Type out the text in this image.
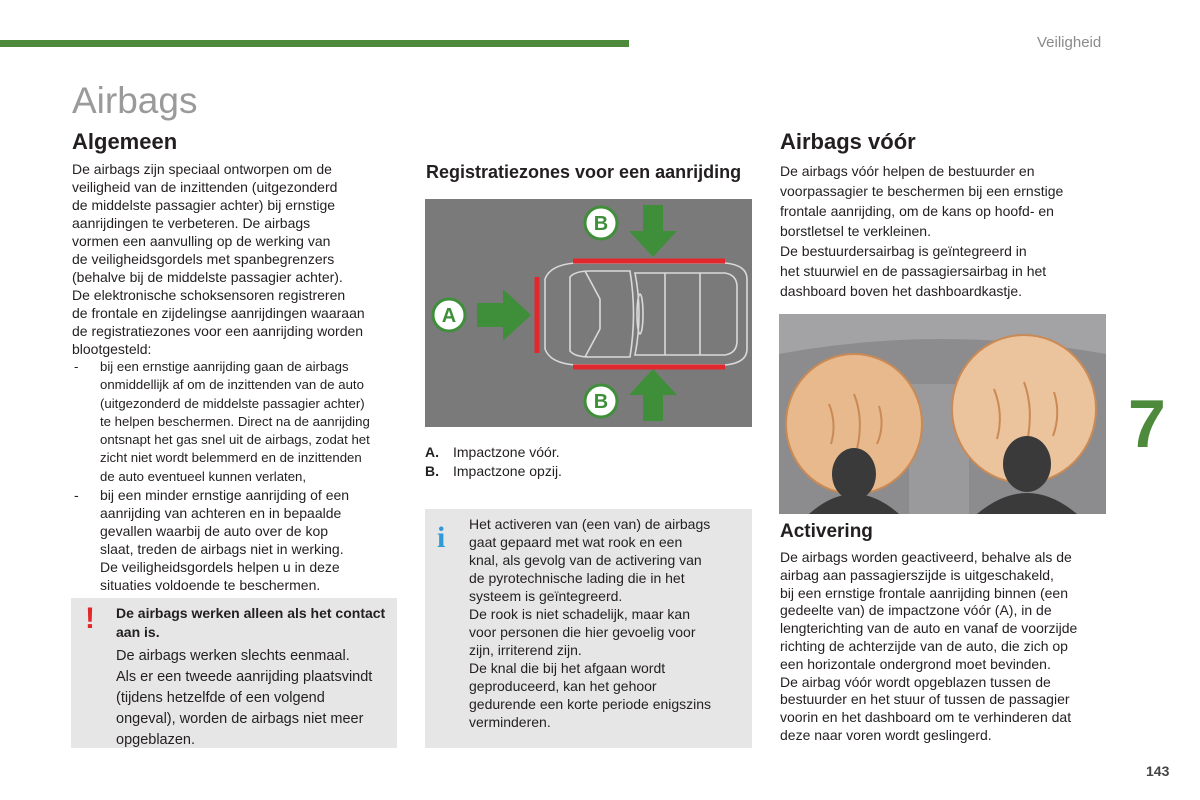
Veiligheid
Airbags
7
143
Algemeen

De airbags zijn speciaal ontworpen om de
veiligheid van de inzittenden (uitgezonderd
de middelste passagier achter) bij ernstige
aanrijdingen te verbeteren. De airbags
vormen een aanvulling op de werking van
de veiligheidsgordels met spanbegrenzers
(behalve bij de middelste passagier achter).
De elektronische schoksensoren registreren
de frontale en zijdelingse aanrijdingen waaraan
de registratiezones voor een aanrijding worden
blootgesteld:

- bij een ernstige aanrijding gaan de airbags
onmiddellijk af om de inzittenden van de auto
(uitgezonderd de middelste passagier achter)
te helpen beschermen. Direct na de aanrijding
ontsnapt het gas snel uit de airbags, zodat het
zicht niet wordt belemmerd en de inzittenden
de auto eventueel kunnen verlaten,
- bij een minder ernstige aanrijding of een
aanrijding van achteren en in bepaalde
gevallen waarbij de auto over de kop
slaat, treden de airbags niet in werking.
De veiligheidsgordels helpen u in deze
situaties voldoende te beschermen.
! De airbags werken alleen als het contact aan is.
De airbags werken slechts eenmaal.
Als er een tweede aanrijding plaatsvindt
(tijdens hetzelfde of een volgend
ongeval), worden de airbags niet meer
opgeblazen.
Registratiezones voor een aanrijding
A
B
B
A.	Impactzone vóór.
B.	Impactzone opzij.
i Het activeren van (een van) de airbags
gaat gepaard met wat rook en een
knal, als gevolg van de activering van
de pyrotechnische lading die in het
systeem is geïntegreerd.
De rook is niet schadelijk, maar kan
voor personen die hier gevoelig voor
zijn, irriterend zijn.
De knal die bij het afgaan wordt
geproduceerd, kan het gehoor
gedurende een korte periode enigszins
verminderen.
Airbags vóór
De airbags vóór helpen de bestuurder en
voorpassagier te beschermen bij een ernstige
frontale aanrijding, om de kans op hoofd- en
borstletsel te verkleinen.
De bestuurdersairbag is geïntegreerd in
het stuurwiel en de passagiersairbag in het
dashboard boven het dashboardkastje.
Activering
De airbags worden geactiveerd, behalve als de
airbag aan passagierszijde is uitgeschakeld,
bij een ernstige frontale aanrijding binnen (een
gedeelte van) de impactzone vóór (A), in de
lengterichting van de auto en vanaf de voorzijde
richting de achterzijde van de auto, die zich op
een horizontale ondergrond moet bevinden.
De airbag vóór wordt opgeblazen tussen de
bestuurder en het stuur of tussen de passagier
voorin en het dashboard om te verhinderen dat
deze naar voren wordt geslingerd.
